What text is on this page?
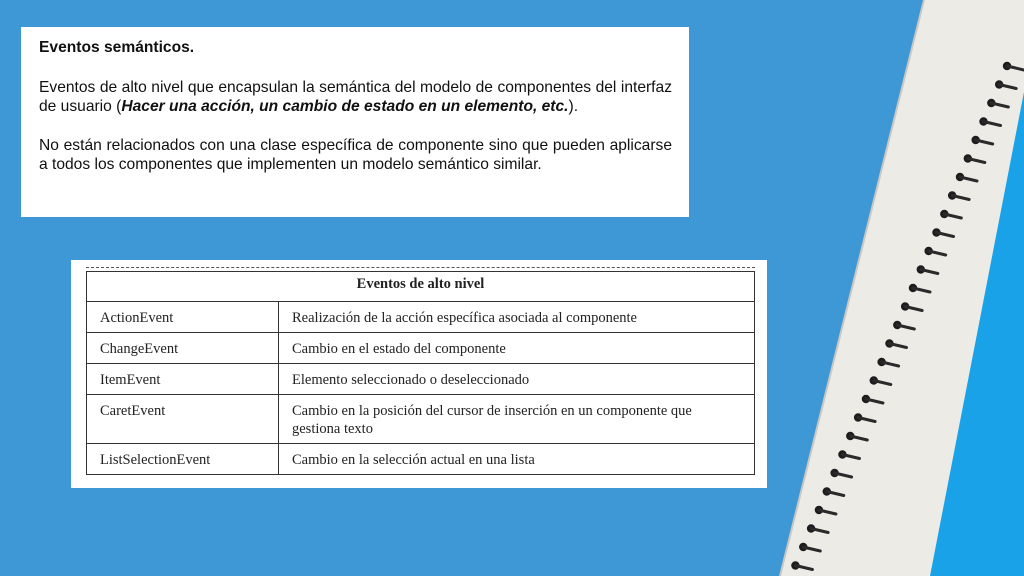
Eventos semánticos.

Eventos de alto nivel que encapsulan la semántica del modelo de componentes del interfaz de usuario (Hacer una acción, un cambio de estado en un elemento, etc.).

No están relacionados con una clase específica de componente sino que pueden aplicarse a todos los componentes que implementen un modelo semántico similar.

Eventos de alto nivel	
ActionEvent	Realización de la acción específica asociada al componente
ChangeEvent	Cambio en el estado del componente
ItemEvent	Elemento seleccionado o deseleccionado
CaretEvent	Cambio en la posición del cursor de inserción en un componente que gestiona texto
ListSelectionEvent	Cambio en la selección actual en una lista
